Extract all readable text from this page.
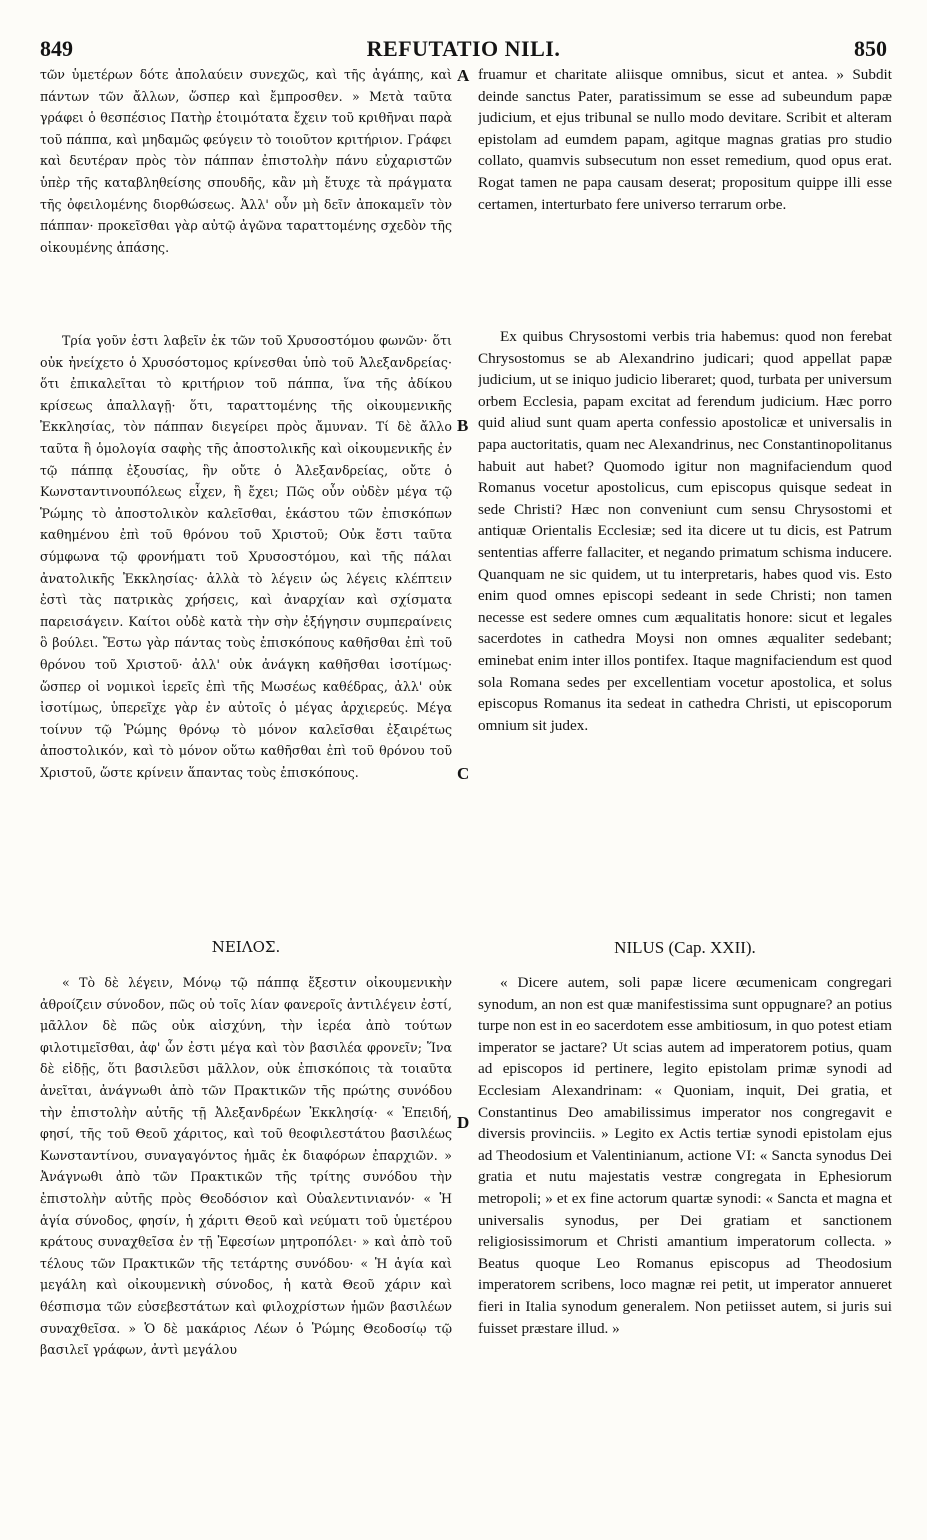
849	REFUTATIO NILI.	850

τῶν ὑμετέρων δότε ἀπολαύειν συνεχῶς, καὶ τῆς ἀγάπης, καὶ πάντων τῶν ἄλλων, ὥσπερ καὶ ἔμπροσθεν. » Μετὰ ταῦτα γράφει ὁ θεσπέσιος Πατὴρ ἑτοιμότατα ἔχειν τοῦ κριθῆναι παρὰ τοῦ πάππα, καὶ μηδαμῶς φεύγειν τὸ τοιοῦτον κριτήριον. Γράφει καὶ δευτέραν πρὸς τὸν πάππαν ἐπιστολὴν πάνυ εὐχαριστῶν ὑπὲρ τῆς καταβληθείσης σπουδῆς, κἂν μὴ ἔτυχε τὰ πράγματα τῆς ὀφειλομένης διορθώσεως. Ἀλλ' οὖν μὴ δεῖν ἀποκαμεῖν τὸν πάππαν· προκεῖσθαι γὰρ αὐτῷ ἀγῶνα ταραττομένης σχεδὸν τῆς οἰκουμένης ἁπάσης.

fruamur et charitate aliisque omnibus, sicut et antea. » Subdit deinde sanctus Pater, paratissimum se esse ad subeundum papæ judicium, et ejus tribunal se nullo modo devitare. Scribit et alteram epistolam ad eumdem papam, agitque magnas gratias pro studio collato, quamvis subsecutum non esset remedium, quod opus erat. Rogat tamen ne papa causam deserat; propositum quippe illi esse certamen, interturbato fere universo terrarum orbe.

Τρία γοῦν ἐστι λαβεῖν ἐκ τῶν τοῦ Χρυσοστόμου φωνῶν· ὅτι οὐκ ἠνείχετο ὁ Χρυσόστομος κρίνεσθαι ὑπὸ τοῦ Ἀλεξανδρείας· ὅτι ἐπικαλεῖται τὸ κριτήριον τοῦ πάππα, ἵνα τῆς ἀδίκου κρίσεως ἀπαλλαγῇ· ὅτι, ταραττομένης τῆς οἰκουμενικῆς Ἐκκλησίας, τὸν πάππαν διεγείρει πρὸς ἄμυναν. Τί δὲ ἄλλο ταῦτα ἢ ὁμολογία σαφὴς τῆς ἀποστολικῆς καὶ οἰκουμενικῆς ἐν τῷ πάππᾳ ἐξουσίας, ἣν οὔτε ὁ Ἀλεξανδρείας, οὔτε ὁ Κωνσταντινουπόλεως εἶχεν, ἢ ἔχει; Πῶς οὖν οὐδὲν μέγα τῷ Ῥώμης τὸ ἀποστολικὸν καλεῖσθαι, ἑκάστου τῶν ἐπισκόπων καθημένου ἐπὶ τοῦ θρόνου τοῦ Χριστοῦ; Οὐκ ἔστι ταῦτα σύμφωνα τῷ φρονήματι τοῦ Χρυσοστόμου, καὶ τῆς πάλαι ἀνατολικῆς Ἐκκλησίας· ἀλλὰ τὸ λέγειν ὡς λέγεις κλέπτειν ἐστὶ τὰς πατρικὰς χρήσεις, καὶ ἀναρχίαν καὶ σχίσματα παρεισάγειν. Καίτοι οὐδὲ κατὰ τὴν σὴν ἐξήγησιν συμπεραίνεις ὃ βούλει. Ἔστω γὰρ πάντας τοὺς ἐπισκόπους καθῆσθαι ἐπὶ τοῦ θρόνου τοῦ Χριστοῦ· ἀλλ' οὐκ ἀνάγκη καθῆσθαι ἰσοτίμως· ὥσπερ οἱ νομικοὶ ἱερεῖς ἐπὶ τῆς Μωσέως καθέδρας, ἀλλ' οὐκ ἰσοτίμως, ὑπερεῖχε γὰρ ἐν αὐτοῖς ὁ μέγας ἀρχιερεύς. Μέγα τοίνυν τῷ Ῥώμης θρόνῳ τὸ μόνον καλεῖσθαι ἐξαιρέτως ἀποστολικόν, καὶ τὸ μόνον οὕτω καθῆσθαι ἐπὶ τοῦ θρόνου τοῦ Χριστοῦ, ὥστε κρίνειν ἅπαντας τοὺς ἐπισκόπους.

Ex quibus Chrysostomi verbis tria habemus: quod non ferebat Chrysostomus se ab Alexandrino judicari; quod appellat papæ judicium, ut se iniquo judicio liberaret; quod, turbata per universum orbem Ecclesia, papam excitat ad ferendum judicium. Hæc porro quid aliud sunt quam aperta confessio apostolicæ et universalis in papa auctoritatis, quam nec Alexandrinus, nec Constantinopolitanus habuit aut habet? Quomodo igitur non magnifaciendum quod Romanus vocetur apostolicus, cum episcopus quisque sedeat in sede Christi? Hæc non conveniunt cum sensu Chrysostomi et antiquæ Orientalis Ecclesiæ; sed ita dicere ut tu dicis, est Patrum sententias afferre fallaciter, et negando primatum schisma inducere. Quanquam ne sic quidem, ut tu interpretaris, habes quod vis. Esto enim quod omnes episcopi sedeant in sede Christi; non tamen necesse est sedere omnes cum æqualitatis honore: sicut et legales sacerdotes in cathedra Moysi non omnes æqualiter sedebant; eminebat enim inter illos pontifex. Itaque magnifaciendum est quod sola Romana sedes per excellentiam vocetur apostolica, et solus episcopus Romanus ita sedeat in cathedra Christi, ut episcoporum omnium sit judex.

ΝΕΙΛΟΣ.	NILUS (Cap. XXII).

« Τὸ δὲ λέγειν, Μόνῳ τῷ πάππᾳ ἔξεστιν οἰκουμενικὴν ἀθροίζειν σύνοδον, πῶς οὐ τοῖς λίαν φανεροῖς ἀντιλέγειν ἐστί, μᾶλλον δὲ πῶς οὐκ αἰσχύνη, τὴν ἱερέα ἀπὸ τούτων φιλοτιμεῖσθαι, ἀφ' ὧν ἐστι μέγα καὶ τὸν βασιλέα φρονεῖν; Ἵνα δὲ εἰδῇς, ὅτι βασιλεῦσι μᾶλλον, οὐκ ἐπισκόποις τὰ τοιαῦτα ἀνεῖται, ἀνάγνωθι ἀπὸ τῶν Πρακτικῶν τῆς πρώτης συνόδου τὴν ἐπιστολὴν αὐτῆς τῇ Ἀλεξανδρέων Ἐκκλησίᾳ· « Ἐπειδή, φησί, τῆς τοῦ Θεοῦ χάριτος, καὶ τοῦ θεοφιλεστάτου βασιλέως Κωνσταντίνου, συναγαγόντος ἡμᾶς ἐκ διαφόρων ἐπαρχιῶν. » Ἀνάγνωθι ἀπὸ τῶν Πρακτικῶν τῆς τρίτης συνόδου τὴν ἐπιστολὴν αὐτῆς πρὸς Θεοδόσιον καὶ Οὐαλεντινιανόν· « Ἡ ἁγία σύνοδος, φησίν, ἡ χάριτι Θεοῦ καὶ νεύματι τοῦ ὑμετέρου κράτους συναχθεῖσα ἐν τῇ Ἐφεσίων μητροπόλει· » καὶ ἀπὸ τοῦ τέλους τῶν Πρακτικῶν τῆς τετάρτης συνόδου· « Ἡ ἁγία καὶ μεγάλη καὶ οἰκουμενικὴ σύνοδος, ἡ κατὰ Θεοῦ χάριν καὶ θέσπισμα τῶν εὐσεβεστάτων καὶ φιλοχρίστων ἡμῶν βασιλέων συναχθεῖσα. » Ὁ δὲ μακάριος Λέων ὁ Ῥώμης Θεοδοσίῳ τῷ βασιλεῖ γράφων, ἀντὶ μεγάλου

« Dicere autem, soli papæ licere œcumenicam congregari synodum, an non est quæ manifestissima sunt oppugnare? an potius turpe non est in eo sacerdotem esse ambitiosum, in quo potest etiam imperator se jactare? Ut scias autem ad imperatorem potius, quam ad episcopos id pertinere, legito epistolam primæ synodi ad Ecclesiam Alexandrinam: « Quoniam, inquit, Dei gratia, et Constantinus Deo amabilissimus imperator nos congregavit e diversis provinciis. » Legito ex Actis tertiæ synodi epistolam ejus ad Theodosium et Valentinianum, actione VI: « Sancta synodus Dei gratia et nutu majestatis vestræ congregata in Ephesiorum metropoli; » et ex fine actorum quartæ synodi: « Sancta et magna et universalis synodus, per Dei gratiam et sanctionem religiosissimorum et Christi amantium imperatorum collecta. » Beatus quoque Leo Romanus episcopus ad Theodosium imperatorem scribens, loco magnæ rei petit, ut imperator annueret fieri in Italia synodum generalem. Non petiisset autem, si juris sui fuisset præstare illud. »

A
B
C
D
